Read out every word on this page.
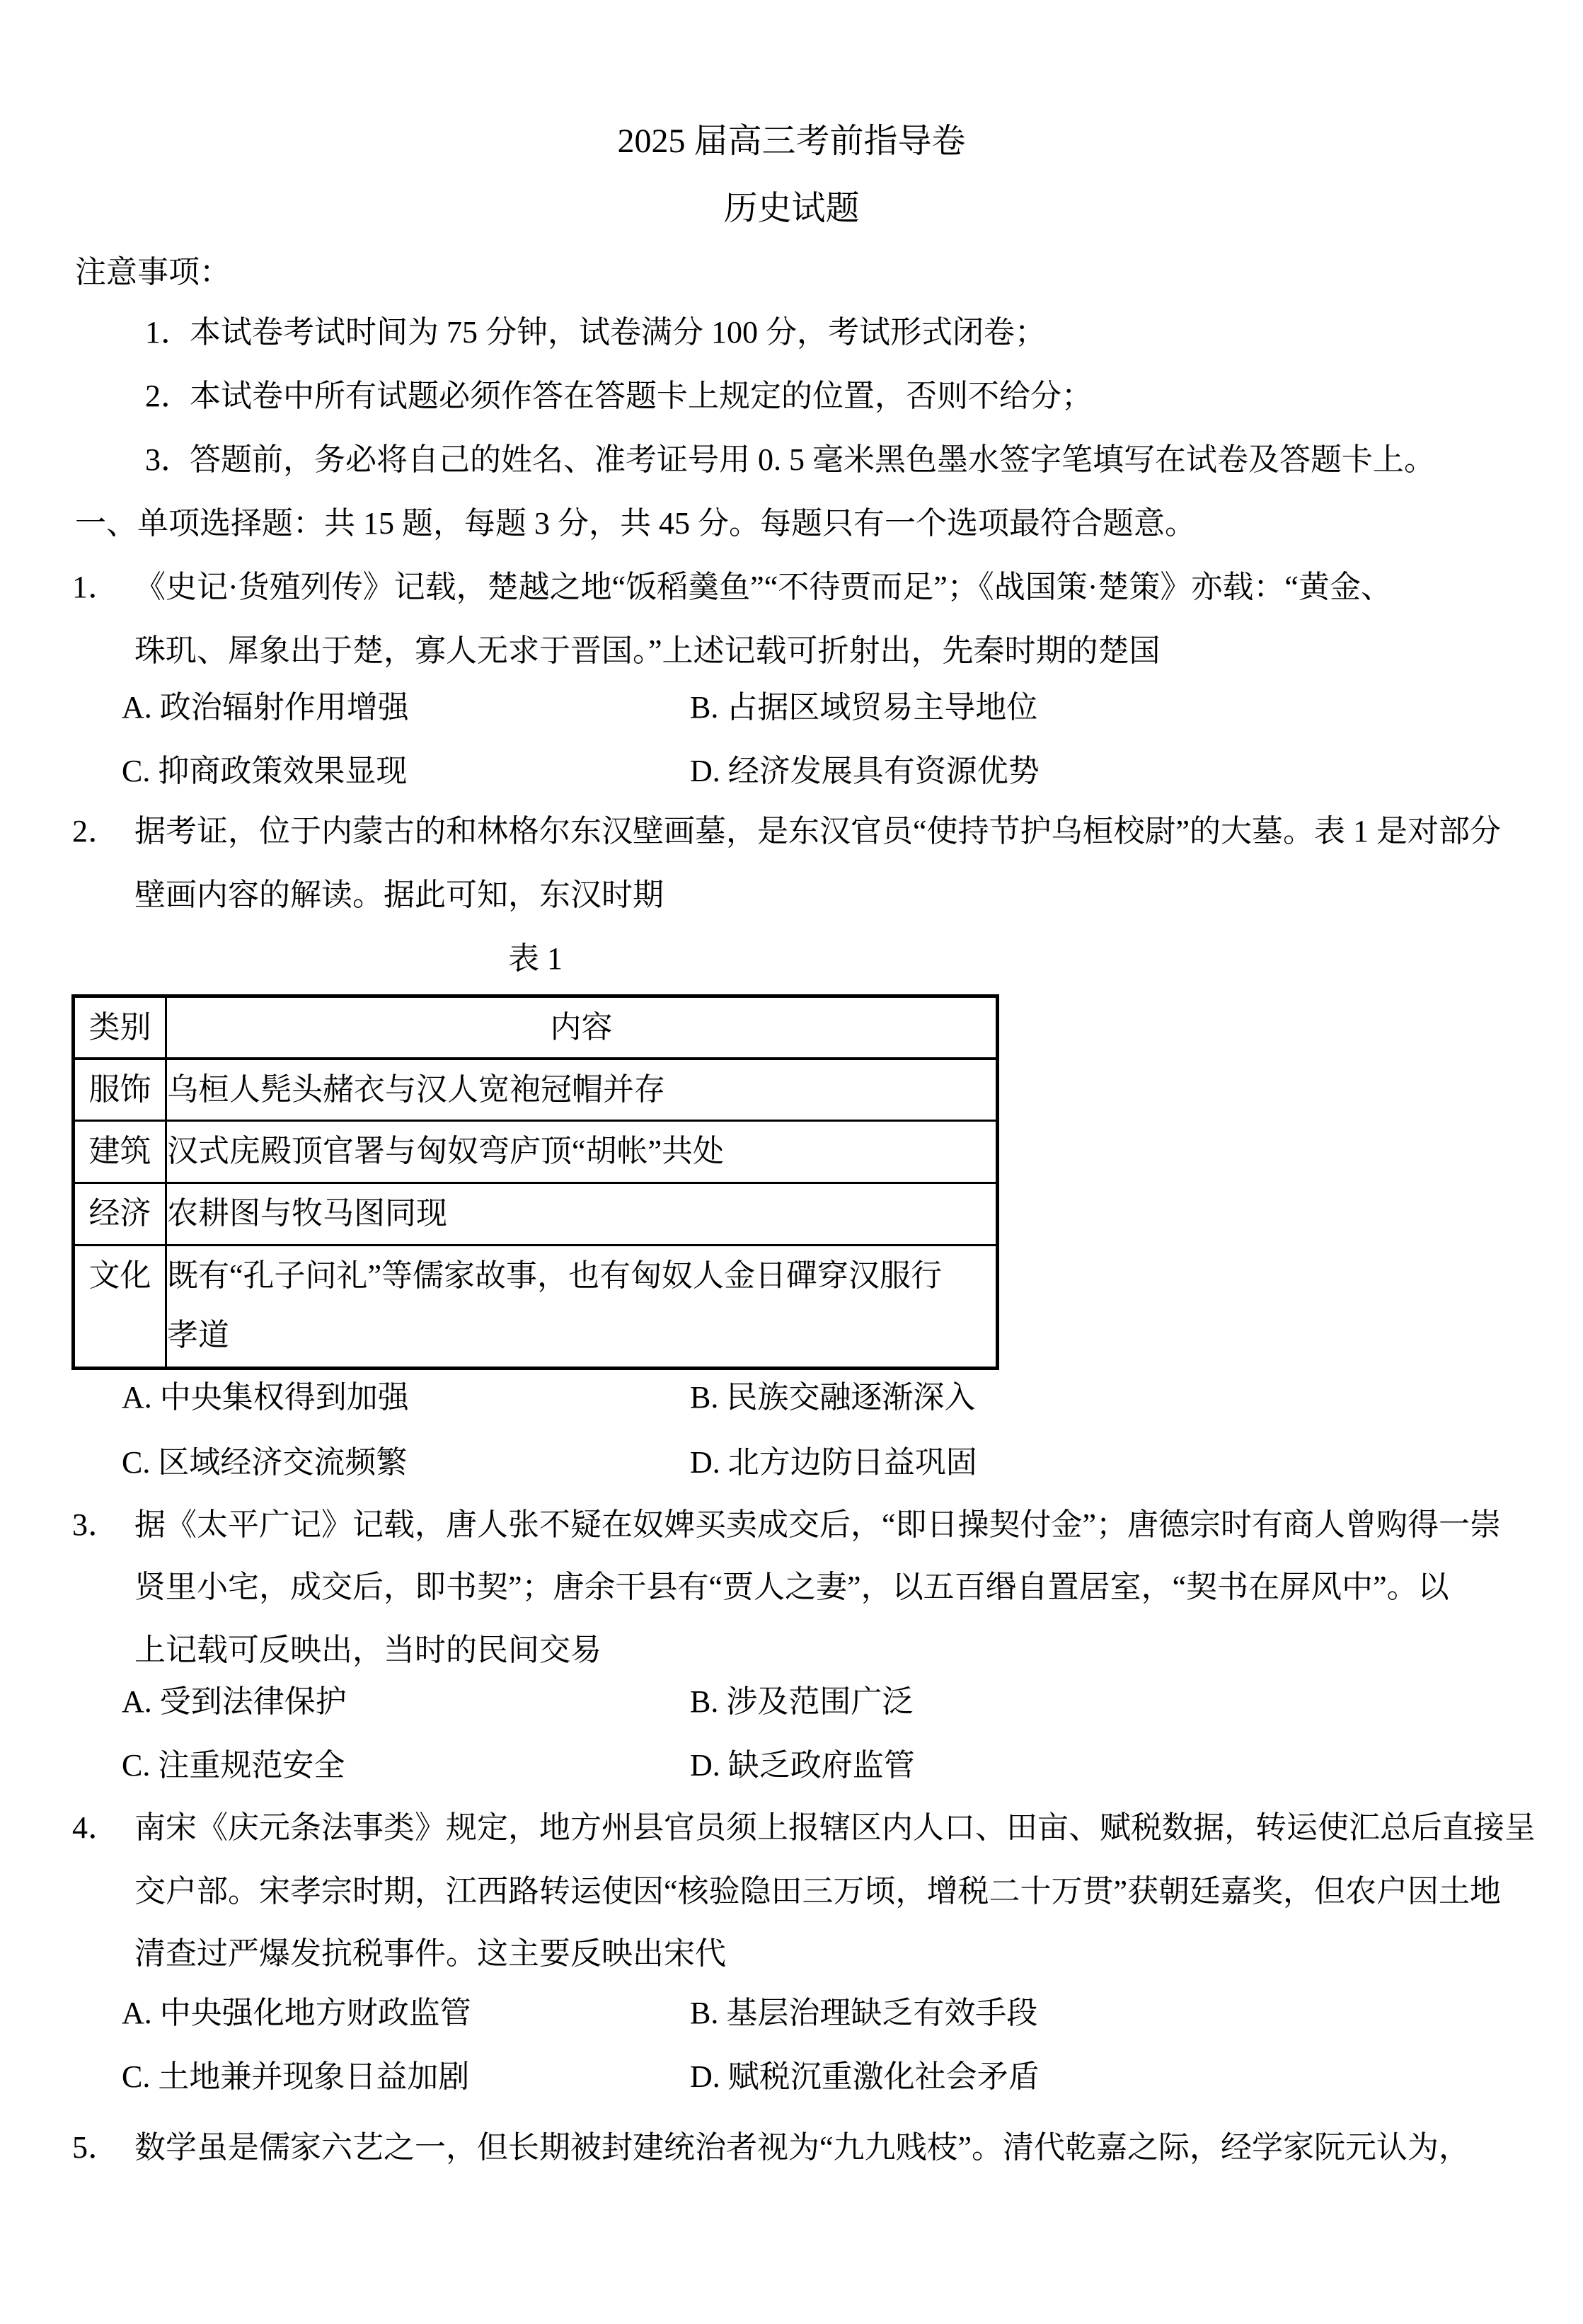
2025 届高三考前指导卷
历史试题
注意事项：
1．
本试卷考试时间为 75 分钟，试卷满分 100 分，考试形式闭卷；
2．
本试卷中所有试题必须作答在答题卡上规定的位置，否则不给分；
3．
答题前，务必将自己的姓名、准考证号用 0. 5 毫米黑色墨水签字笔填写在试卷及答题卡上。
一、单项选择题：共 15 题，每题 3 分，共 45 分。每题只有一个选项最符合题意。
1． 《史记·货殖列传》记载，楚越之地“饭稻羹鱼”“不待贾而足”；《战国策·楚策》亦载：“黄金、
珠玑、犀象出于楚，寡人无求于晋国。”上述记载可折射出，先秦时期的楚国
A. 政治辐射作用增强	B. 占据区域贸易主导地位
C. 抑商政策效果显现	D. 经济发展具有资源优势
2． 据考证，位于内蒙古的和林格尔东汉壁画墓，是东汉官员“使持节护乌桓校尉”的大墓。表 1 是对部分
壁画内容的解读。据此可知，东汉时期
表 1
类别	内容
服饰	乌桓人髡头赭衣与汉人宽袍冠帽并存

建筑	汉式庑殿顶官署与匈奴弯庐顶“胡帐”共处

经济	农耕图与牧马图同现

文化	既有“孔子问礼”等儒家故事，也有匈奴人金日磾穿汉服行
孝道
A. 中央集权得到加强	B. 民族交融逐渐深入
C. 区域经济交流频繁	D. 北方边防日益巩固
3． 据《太平广记》记载，唐人张不疑在奴婢买卖成交后，“即日操契付金”；唐德宗时有商人曾购得一崇
贤里小宅，成交后，即书契”；唐余干县有“贾人之妻”，以五百缗自置居室，“契书在屏风中”。以
上记载可反映出，当时的民间交易
A. 受到法律保护	B. 涉及范围广泛
C. 注重规范安全	D. 缺乏政府监管
4． 南宋《庆元条法事类》规定，地方州县官员须上报辖区内人口、田亩、赋税数据，转运使汇总后直接呈
交户部。宋孝宗时期，江西路转运使因“核验隐田三万顷，增税二十万贯”获朝廷嘉奖，但农户因土地
清查过严爆发抗税事件。这主要反映出宋代
A. 中央强化地方财政监管	B. 基层治理缺乏有效手段
C. 土地兼并现象日益加剧	D. 赋税沉重激化社会矛盾
5． 数学虽是儒家六艺之一，但长期被封建统治者视为“九九贱枝”。清代乾嘉之际，经学家阮元认为，
